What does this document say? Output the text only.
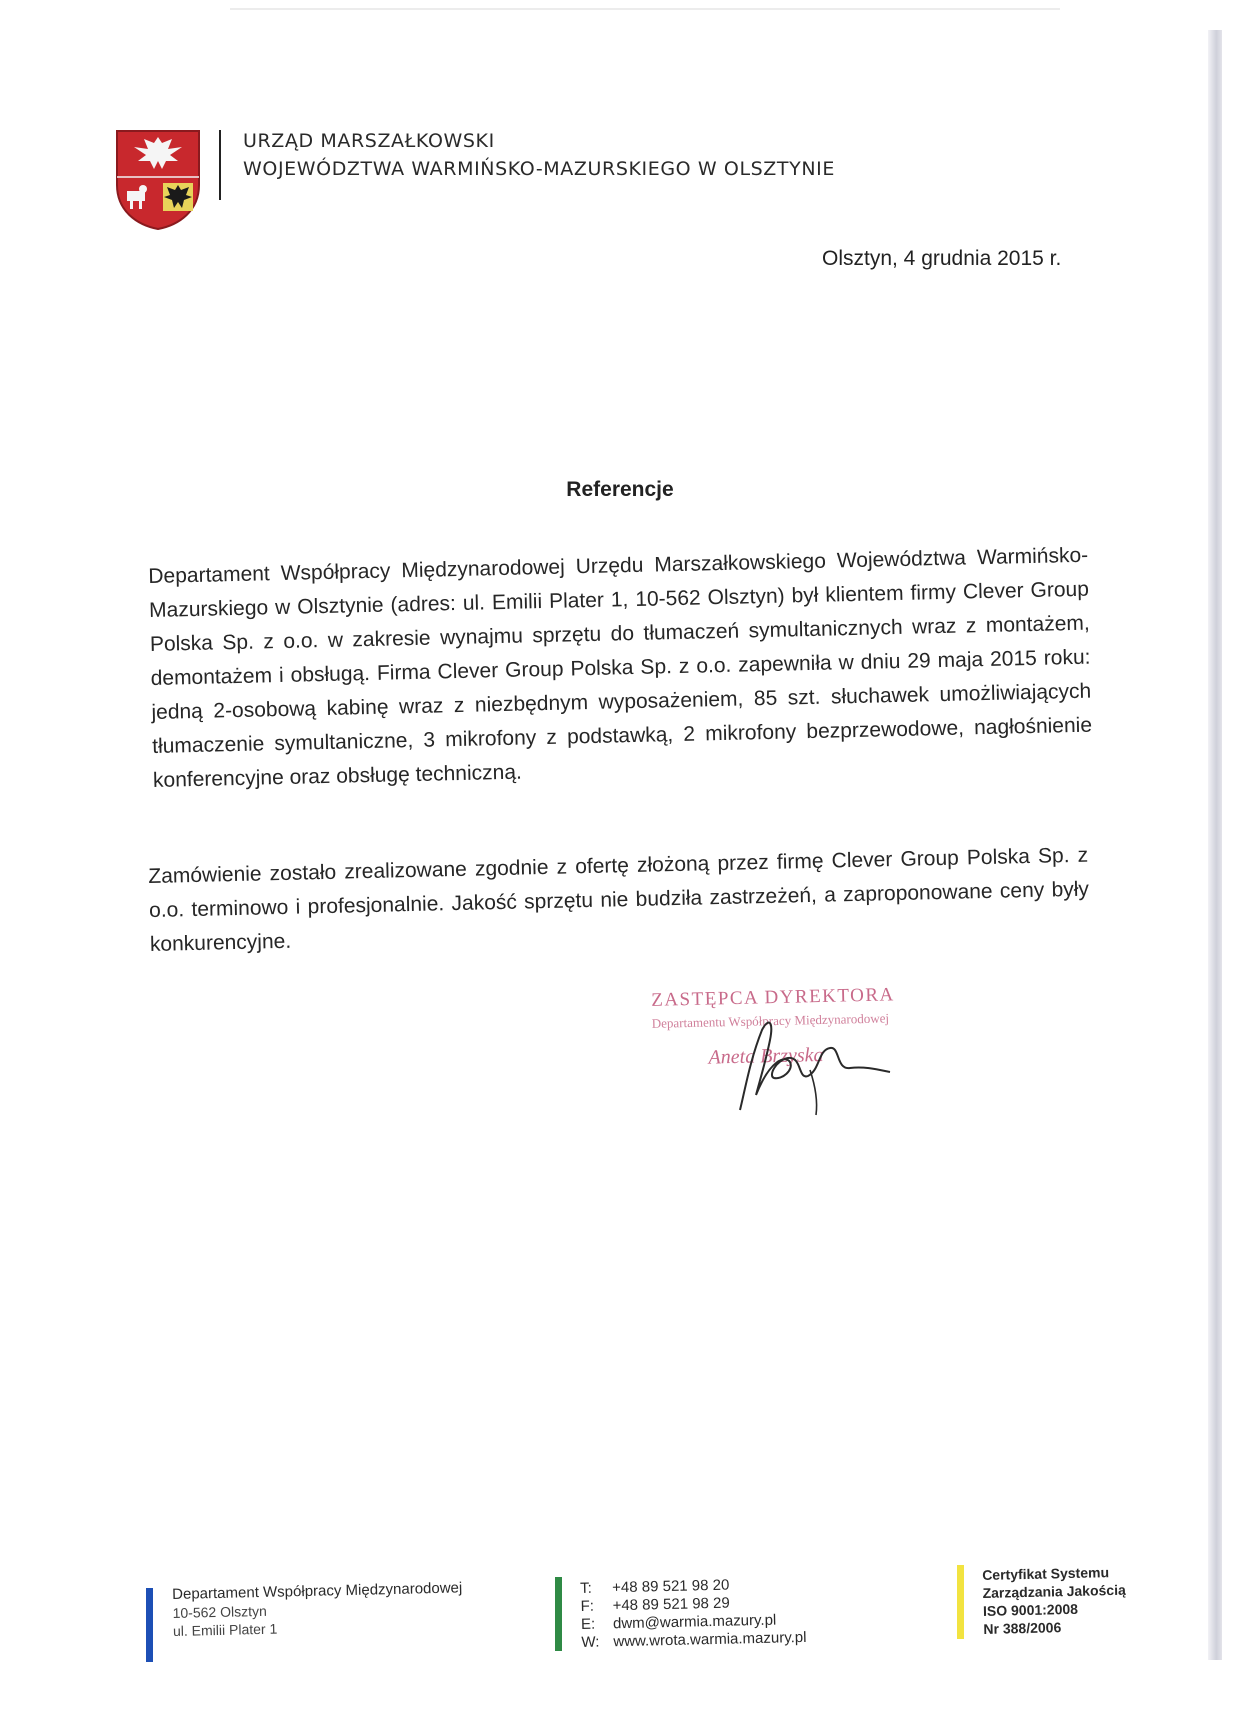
URZĄD MARSZAŁKOWSKI
WOJEWÓDZTWA WARMIŃSKO-MAZURSKIEGO W OLSZTYNIE
Olsztyn, 4 grudnia 2015 r.
Referencje
Departament Współpracy Międzynarodowej Urzędu Marszałkowskiego Województwa Warmińsko-Mazurskiego w Olsztynie (adres: ul. Emilii Plater 1, 10-562 Olsztyn) był klientem firmy Clever Group Polska Sp. z o.o. w zakresie wynajmu sprzętu do tłumaczeń symultanicznych wraz z montażem, demontażem i obsługą. Firma Clever Group Polska Sp. z o.o. zapewniła w dniu 29 maja 2015 roku: jedną 2-osobową kabinę wraz z niezbędnym wyposażeniem, 85 szt. słuchawek umożliwiających tłumaczenie symultaniczne, 3 mikrofony z podstawką, 2 mikrofony bezprzewodowe, nagłośnienie konferencyjne oraz obsługę techniczną.
Zamówienie zostało zrealizowane zgodnie z ofertę złożoną przez firmę Clever Group Polska Sp. z o.o. terminowo i profesjonalnie. Jakość sprzętu nie budziła zastrzeżeń, a zaproponowane ceny były konkurencyjne.
ZASTĘPCA DYREKTORA
Departamentu Współpracy Międzynarodowej
Aneta Brzyska
Departament Współpracy Międzynarodowej
10-562 Olsztyn
ul. Emilii Plater 1
T:	+48 89 521 98 20
F:	+48 89 521 98 29
E:	dwm@warmia.mazury.pl
W: www.wrota.warmia.mazury.pl
Certyfikat Systemu
Zarządzania Jakością
ISO 9001:2008
Nr 388/2006
